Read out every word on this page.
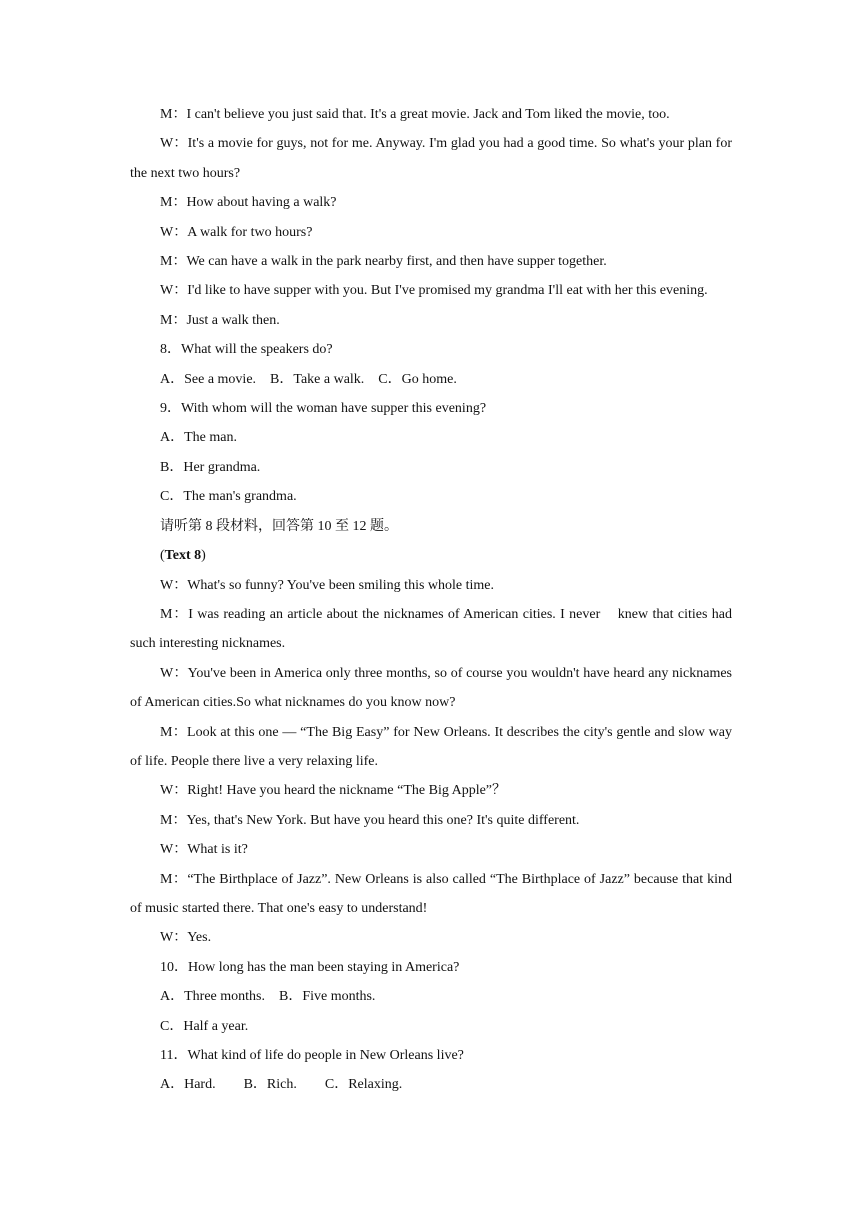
M：I can't believe you just said that. It's a great movie. Jack and Tom liked the movie, too.

W：It's a movie for guys, not for me. Anyway. I'm glad you had a good time. So what's your plan for the next two hours?

M：How about having a walk?

W：A walk for two hours?

M：We can have a walk in the park nearby first, and then have supper together.

W：I'd like to have supper with you. But I've promised my grandma I'll eat with her this evening.

M：Just a walk then.

8．What will the speakers do?

A．See a movie.    B．Take a walk.    C．Go home.

9．With whom will the woman have supper this evening?

A．The man.

B．Her grandma.

C．The man's grandma.

请听第 8 段材料，回答第 10 至 12 题。

(Text 8)

W：What's so funny? You've been smiling this whole time.

M：I was reading an article about the nicknames of American cities. I never    knew that cities had such interesting nicknames.

W：You've been in America only three months, so of course you wouldn't have heard any nicknames of American cities.So what nicknames do you know now?

M：Look at this one — “The Big Easy” for New Orleans. It describes the city's gentle and slow way of life. People there live a very relaxing life.

W：Right! Have you heard the nickname “The Big Apple”？

M：Yes, that's New York. But have you heard this one? It's quite different.

W：What is it?

M：“The Birthplace of Jazz”. New Orleans is also called “The Birthplace of Jazz” because that kind of music started there. That one's easy to understand!

W：Yes.

10．How long has the man been staying in America?

A．Three months.    B．Five months.

C．Half a year.

11．What kind of life do people in New Orleans live?

A．Hard.        B．Rich.        C．Relaxing.
